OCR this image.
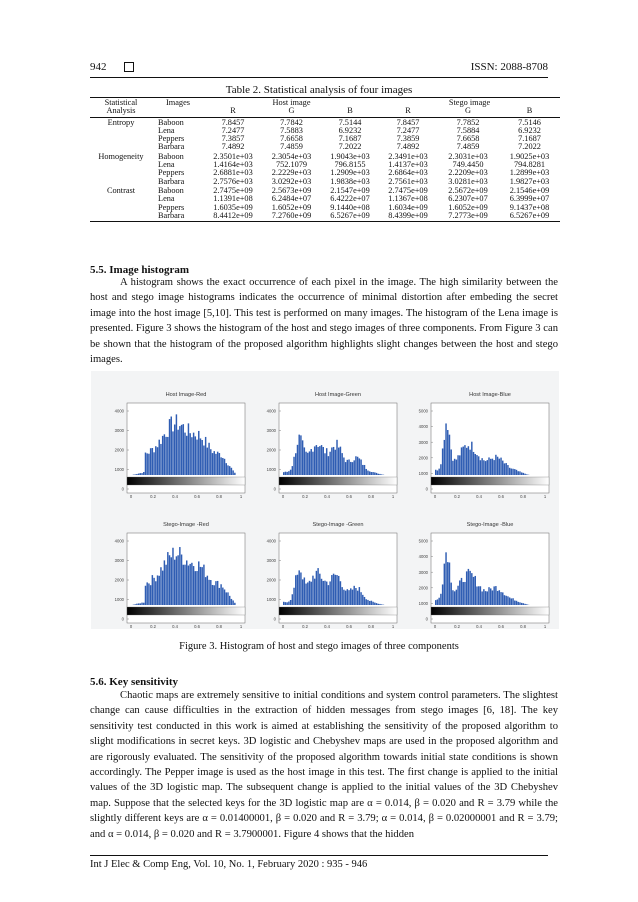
942	ISSN: 2088-8708
Table 2. Statistical analysis of four images
Statistical	Images	Host image			Stego image		
Analysis		R	G	B	R	G	B
Entropy	Baboon	7.8457	7.7842	7.5144	7.8457	7.7852	7.5146
	Lena	7.2477	7.5883	6.9232	7.2477	7.5884	6.9232
	Peppers	7.3857	7.6658	7.1687	7.3859	7.6658	7.1687
	Barbara	7.4892	7.4859	7.2022	7.4892	7.4859	7.2022
Homogeneity	Baboon	2.3501e+03	2.3054e+03	1.9043e+03	2.3491e+03	2.3031e+03	1.9025e+03
	Lena	1.4164e+03	752.1079	796.8155	1.4137e+03	749.4450	794.8281
	Peppers	2.6881e+03	2.2229e+03	1.2909e+03	2.6864e+03	2.2209e+03	1.2899e+03
	Barbara	2.7576e+03	3.0292e+03	1.9838e+03	2.7561e+03	3.0281e+03	1.9827e+03
Contrast	Baboon	2.7475e+09	2.5673e+09	2.1547e+09	2.7475e+09	2.5672e+09	2.1546e+09
	Lena	1.1391e+08	6.2484e+07	6.4222e+07	1.1367e+08	6.2307e+07	6.3999e+07
	Peppers	1.6035e+09	1.6052e+09	9.1440e+08	1.6034e+09	1.6052e+09	9.1437e+08
	Barbara	8.4412e+09	7.2760e+09	6.5267e+09	8.4399e+09	7.2773e+09	6.5267e+09
5.5. Image histogram
A histogram shows the exact occurrence of each pixel in the image. The high similarity between the host and stego image histograms indicates the occurrence of minimal distortion after embeding the secret image into the host image [5,10]. This test is performed on many images. The histogram of the Lena image is presented. Figure 3 shows the histogram of the host and stego images of three components. From Figure 3 can be shown that the histogram of the proposed algorithm highlights slight changes between the host and stego images.
Host Image-Red
4000
3000
2000
1000
0
0	0.2	0.4	0.6	0.8	1
Host Image-Green
4000
3000
2000
1000
0
0	0.2	0.4	0.6	0.8	1
Host Image-Blue
5000
4000
3000
2000
1000
0
0	0.2	0.4	0.6	0.8	1
Stego-Image -Red
4000
3000
2000
1000
0
0	0.2	0.4	0.6	0.8	1
Stego-Image -Green
4000
3000
2000
1000
0
0	0.2	0.4	0.6	0.8	1
Stego-Image -Blue
5000
4000
3000
2000
1000
0
0	0.2	0.4	0.6	0.8	1
Figure 3. Histogram of host and stego images of three components
5.6. Key sensitivity
Chaotic maps are extremely sensitive to initial conditions and system control parameters. The slightest change can cause difficulties in the extraction of hidden messages from stego images [6, 18]. The key sensitivity test conducted in this work is aimed at establishing the sensitivity of the proposed algorithm to slight modifications in secret keys. 3D logistic and Chebyshev maps are used in the proposed algorithm and are rigorously evaluated. The sensitivity of the proposed algorithm towards initial state conditions is shown accordingly. The Pepper image is used as the host image in this test. The first change is applied to the initial values of the 3D logistic map. The subsequent change is applied to the initial values of the 3D Chebyshev map. Suppose that the selected keys for the 3D logistic map are α = 0.014, β = 0.020 and R = 3.79 while the slightly different keys are α = 0.01400001, β = 0.020 and R = 3.79; α = 0.014, β = 0.02000001 and R = 3.79; and α = 0.014, β = 0.020 and R = 3.7900001. Figure 4 shows that the hidden
Int J Elec & Comp Eng, Vol. 10, No. 1, February 2020 : 935 - 946
